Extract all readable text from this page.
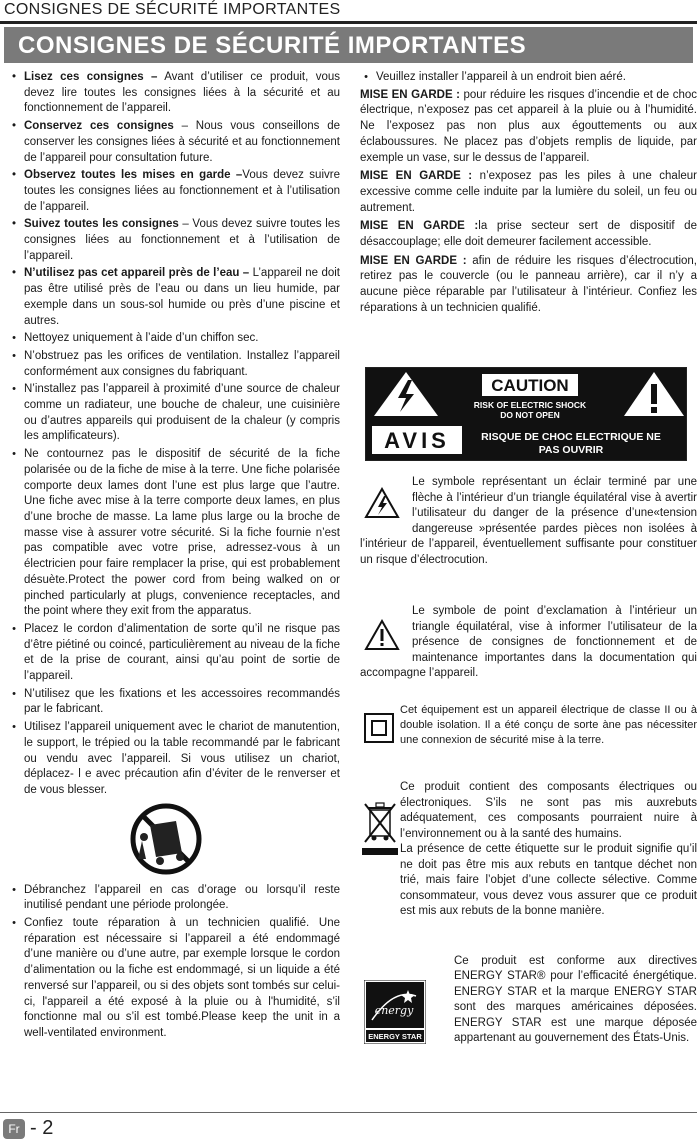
CONSIGNES DE SÉCURITÉ IMPORTANTES
CONSIGNES DE SÉCURITÉ IMPORTANTES
• Lisez ces consignes – Avant d’utiliser ce produit, vous devez lire toutes les consignes liées à la sécurité et au fonctionnement de l’appareil.
• Conservez ces consignes – Nous vous conseillons de conserver les consignes liées à sécurité et au fonctionnement de l’appareil pour consultation future.
• Observez toutes les mises en garde –Vous devez suivre toutes les consignes liées au fonctionnement et à l’utilisation de l’appareil.
• Suivez toutes les consignes – Vous devez suivre toutes les consignes liées au fonctionnement et à l’utilisation de l’appareil.
• N’utilisez pas cet appareil près de l’eau – L’appareil ne doit pas être utilisé près de l’eau ou dans un lieu humide, par exemple dans un sous-sol humide ou près d’une piscine et autres.
• Nettoyez uniquement à l’aide d’un chiffon sec.
• N’obstruez pas les orifices de ventilation. Installez l’appareil conformément aux consignes du fabriquant.
• N’installez pas l’appareil à proximité d’une source de chaleur comme un radiateur, une bouche de chaleur, une cuisinière ou d’autres appareils qui produisent de la chaleur (y compris les amplificateurs).
• Ne contournez pas le dispositif de sécurité de la fiche polarisée ou de la fiche de mise à la terre. Une fiche polarisée comporte deux lames dont l’une est plus large que l’autre. Une fiche avec mise à la terre comporte deux lames, en plus d’une broche de masse. La lame plus large ou la broche de masse vise à assurer votre sécurité. Si la fiche fournie n’est pas compatible avec votre prise, adressez-vous à un électricien pour faire remplacer la prise, qui est probablement désuète.Protect the power cord from being walked on or pinched particularly at plugs, convenience receptacles, and the point where they exit from the apparatus.
• Placez le cordon d’alimentation de sorte qu’il ne risque pas d’être piétiné ou coincé, particulièrement au niveau de la fiche et de la prise de courant, ainsi qu’au point de sortie de l’appareil.
• N’utilisez que les fixations et les accessoires recommandés par le fabricant.
• Utilisez l’appareil uniquement avec le chariot de manutention, le support, le trépied ou la table recommandé par le fabricant ou vendu avec l’appareil. Si vous utilisez un chariot, déplacez- l e avec précaution afin d’éviter de le renverser et de vous blesser.
• Débranchez l’appareil en cas d’orage ou lorsqu’il reste inutilisé pendant une période prolongée.
• Confiez toute réparation à un technicien qualifié. Une réparation est nécessaire si l’appareil a été endommagé d’une manière ou d’une autre, par exemple lorsque le cordon d’alimentation ou la fiche est endommagé, si un liquide a été renversé sur l’appareil, ou si des objets sont tombés sur celui-ci, l'appareil a été exposé à la pluie ou à l'humidité, s’il fonctionne mal ou s’il est tombé.Please keep the unit in a well-ventilated environment.
• Veuillez installer l’appareil à un endroit bien aéré.
MISE EN GARDE : pour réduire les risques d’incendie et de choc électrique, n’exposez pas cet appareil à la pluie ou à l’humidité. Ne l’exposez pas non plus aux égouttements ou aux éclaboussures. Ne placez pas d’objets remplis de liquide, par exemple un vase, sur le dessus de l’appareil.
MISE EN GARDE : n’exposez pas les piles à une chaleur excessive comme celle induite par la lumière du soleil, un feu ou autrement.
MISE EN GARDE :la prise secteur sert de dispositif de désaccouplage; elle doit demeurer facilement accessible.
MISE EN GARDE : afin de réduire les risques d’électrocution, retirez pas le couvercle (ou le panneau arrière), car il n’y a aucune pièce réparable par l’utilisateur à l’intérieur. Confiez les réparations à un technicien qualifié.
CAUTION
RISK OF ELECTRIC SHOCK
DO NOT OPEN
AVIS	RISQUE DE CHOC ELECTRIQUE NE
PAS OUVRIR
Le symbole représentant un éclair terminé par une flèche à l’intérieur d’un triangle équilatéral vise à avertir l’utilisateur du danger de la présence d’une«tension dangereuse »présentée pardes pièces non isolées à l’intérieur de l’appareil, éventuellement suffisante pour constituer un risque d’électrocution.
Le symbole de point d’exclamation à l’intérieur un triangle équilatéral, vise à informer l’utilisateur de la présence de consignes de fonctionnement et de maintenance importantes dans la documentation qui accompagne l’appareil.
Cet équipement est un appareil électrique de classe II ou à double isolation. Il a été conçu de sorte àne pas nécessiter une connexion de sécurité mise à la terre.
Ce produit contient des composants électriques ou électroniques. S’ils ne sont pas mis auxrebuts adéquatement, ces composants pourraient nuire à l’environnement ou à la santé des humains.
La présence de cette étiquette sur le produit signifie qu’il ne doit pas être mis aux rebuts en tantque déchet non trié, mais faire l’objet d’une collecte sélective. Comme consommateur, vous devez vous assurer que ce produit est mis aux rebuts de la bonne manière.
energy
ENERGY STAR
Ce produit est conforme aux directives ENERGY STAR® pour l’efficacité énergétique. ENERGY STAR et la marque ENERGY STAR sont des marques américaines déposées. ENERGY STAR est une marque déposée appartenant au gouvernement des États-Unis.
Fr - 2
